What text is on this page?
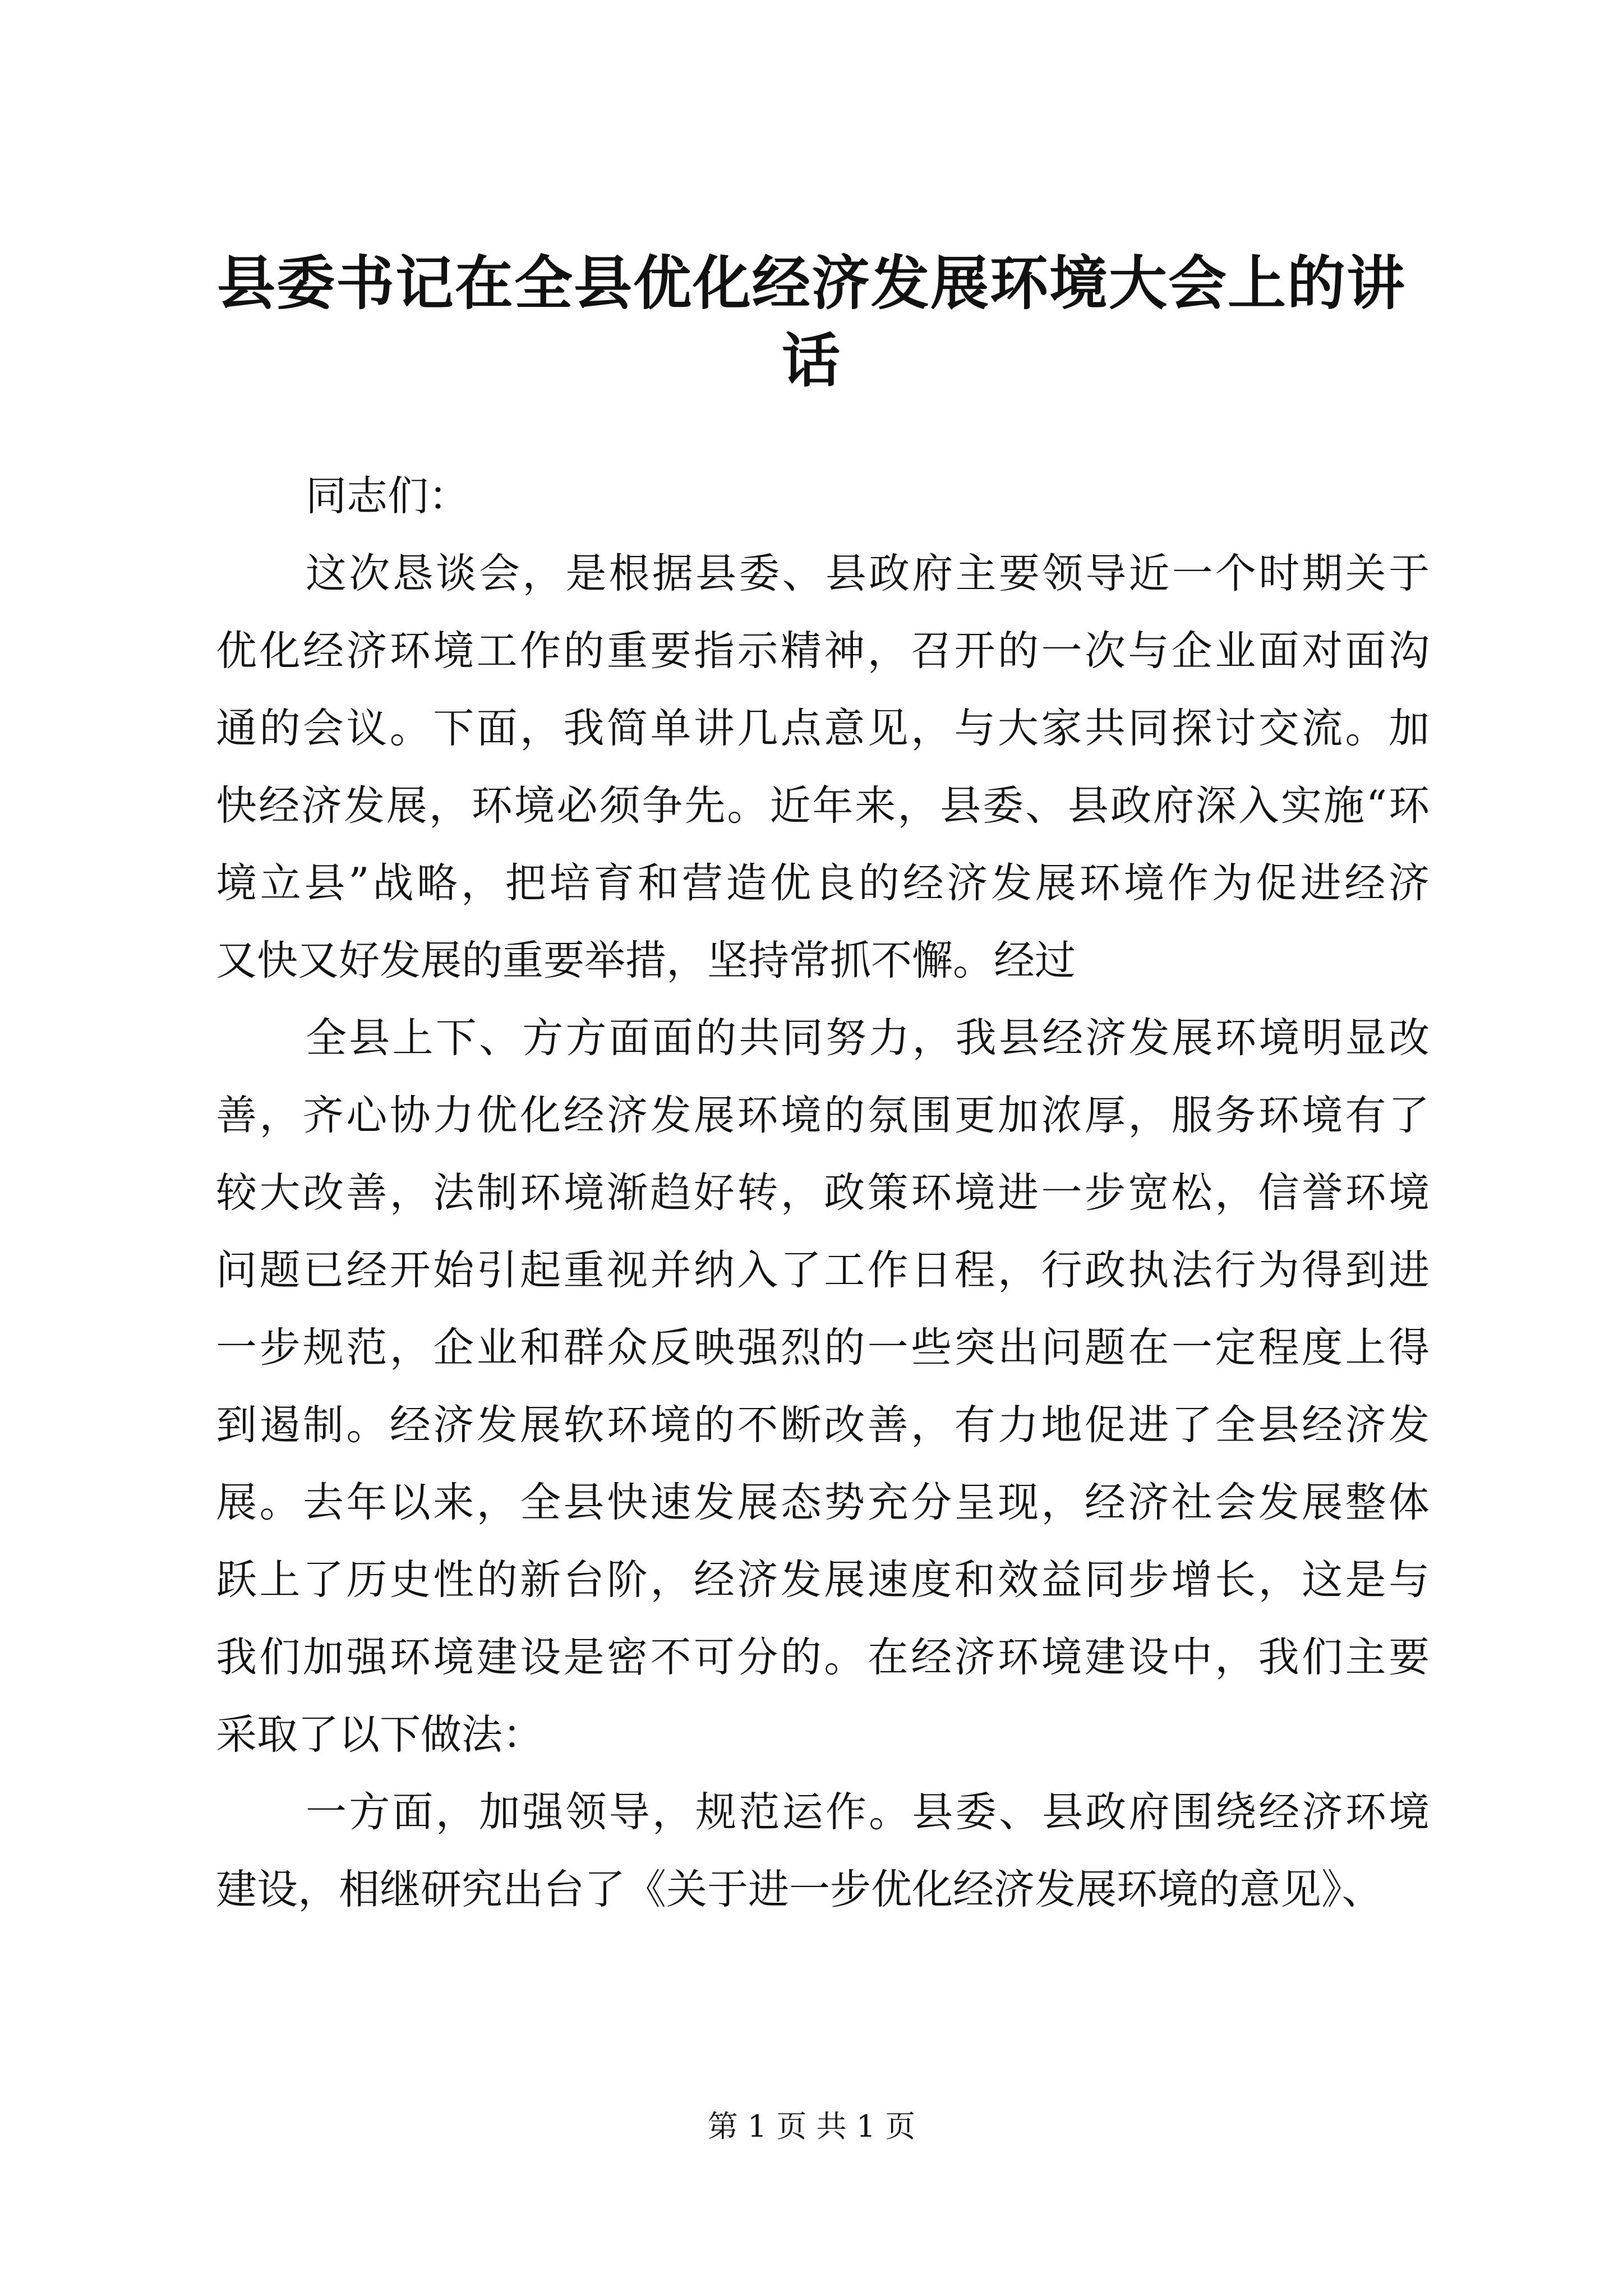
县委书记在全县优化经济发展环境大会上的讲
话
同志们：
这次恳谈会，是根据县委、县政府主要领导近一个时期关于
优化经济环境工作的重要指示精神，召开的一次与企业面对面沟
通的会议。下面，我简单讲几点意见，与大家共同探讨交流。加
快经济发展，环境必须争先。近年来，县委、县政府深入实施“环
境立县”战略，把培育和营造优良的经济发展环境作为促进经济
又快又好发展的重要举措，坚持常抓不懈。经过
全县上下、方方面面的共同努力，我县经济发展环境明显改
善，齐心协力优化经济发展环境的氛围更加浓厚，服务环境有了
较大改善，法制环境渐趋好转，政策环境进一步宽松，信誉环境
问题已经开始引起重视并纳入了工作日程，行政执法行为得到进
一步规范，企业和群众反映强烈的一些突出问题在一定程度上得
到遏制。经济发展软环境的不断改善，有力地促进了全县经济发
展。去年以来，全县快速发展态势充分呈现，经济社会发展整体
跃上了历史性的新台阶，经济发展速度和效益同步增长，这是与
我们加强环境建设是密不可分的。在经济环境建设中，我们主要
采取了以下做法：
一方面，加强领导，规范运作。县委、县政府围绕经济环境
建设，相继研究出台了《关于进一步优化经济发展环境的意见》、
第 1 页 共 1 页
